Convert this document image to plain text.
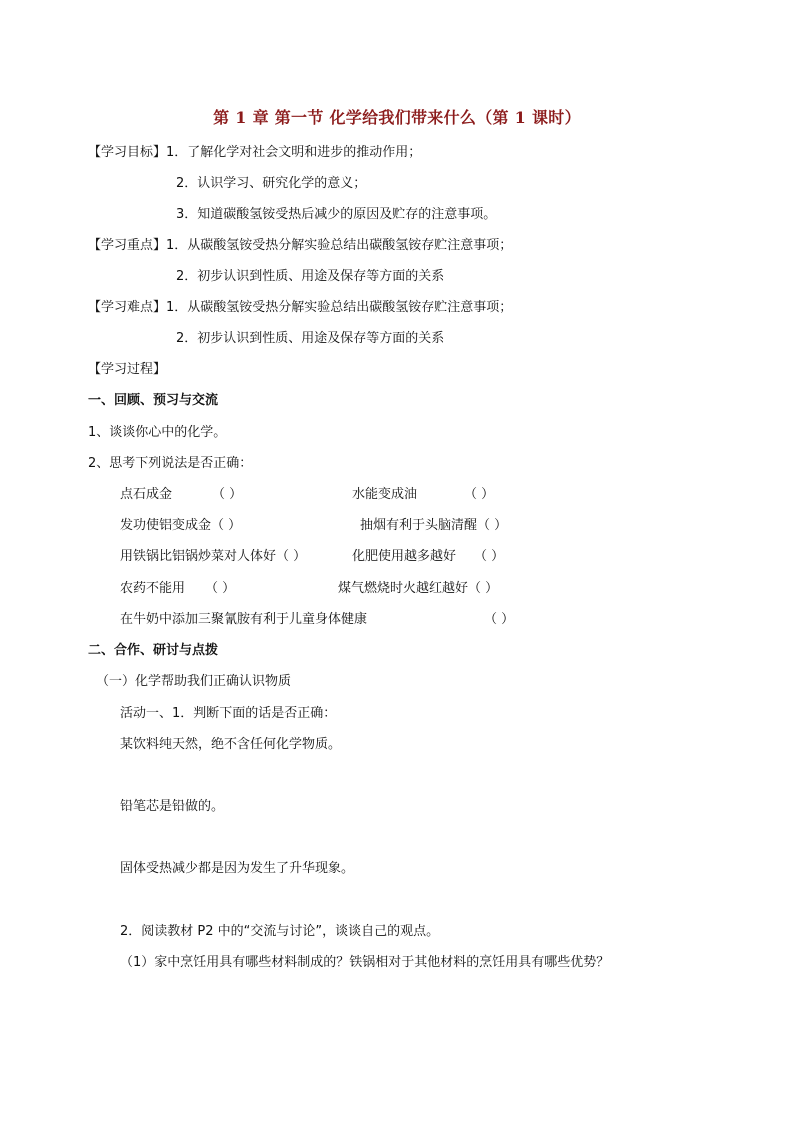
第 1 章 第一节 化学给我们带来什么（第 1 课时）
【学习目标】1．了解化学对社会文明和进步的推动作用；
2．认识学习、研究化学的意义；
3．知道碳酸氢铵受热后减少的原因及贮存的注意事项。
【学习重点】1．从碳酸氢铵受热分解实验总结出碳酸氢铵存贮注意事项；
2．初步认识到性质、用途及保存等方面的关系
【学习难点】1．从碳酸氢铵受热分解实验总结出碳酸氢铵存贮注意事项；
2．初步认识到性质、用途及保存等方面的关系
【学习过程】
一、回顾、预习与交流
1、谈谈你心中的化学。
2、思考下列说法是否正确：
点石成金	（ ）	水能变成油	（ ）
发功使铝变成金（ ）	抽烟有利于头脑清醒（ ）
用铁锅比铝锅炒菜对人体好（ ）	化肥使用越多越好 （ ）
农药不能用 （ ）	煤气燃烧时火越红越好（ ）
在牛奶中添加三聚氰胺有利于儿童身体健康	（ ）
二、合作、研讨与点拨
（一）化学帮助我们正确认识物质
活动一、1．判断下面的话是否正确：
某饮料纯天然，绝不含任何化学物质。
铅笔芯是铅做的。
固体受热减少都是因为发生了升华现象。
2．阅读教材 P2 中的“交流与讨论”，谈谈自己的观点。
（1）家中烹饪用具有哪些材料制成的？铁锅相对于其他材料的烹饪用具有哪些优势？
